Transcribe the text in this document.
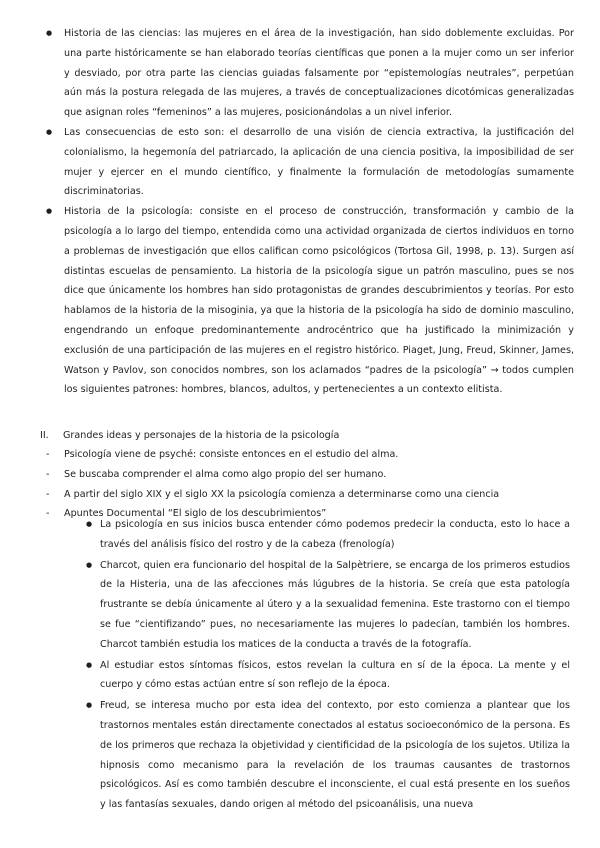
● Historia de las ciencias: las mujeres en el área de la investigación, han sido doblemente excluidas. Por una parte históricamente se han elaborado teorías científicas que ponen a la mujer como un ser inferior y desviado, por otra parte las ciencias guiadas falsamente por “epistemologías neutrales”, perpetúan aún más la postura relegada de las mujeres, a través de conceptualizaciones dicotómicas generalizadas que asignan roles “femeninos” a las mujeres, posicionándolas a un nivel inferior.
● Las consecuencias de esto son: el desarrollo de una visión de ciencia extractiva, la justificación del colonialismo, la hegemonía del patriarcado, la aplicación de una ciencia positiva, la imposibilidad de ser mujer y ejercer en el mundo científico, y finalmente la formulación de metodologías sumamente discriminatorias.
● Historia de la psicología: consiste en el proceso de construcción, transformación y cambio de la psicología a lo largo del tiempo, entendida como una actividad organizada de ciertos individuos en torno a problemas de investigación que ellos califican como psicológicos (Tortosa Gil, 1998, p. 13). Surgen así distintas escuelas de pensamiento. La historia de la psicología sigue un patrón masculino, pues se nos dice que únicamente los hombres han sido protagonistas de grandes descubrimientos y teorías. Por esto hablamos de la historia de la misoginia, ya que la historia de la psicología ha sido de dominio masculino, engendrando un enfoque predominantemente androcéntrico que ha justificado la minimización y exclusión de una participación de las mujeres en el registro histórico. Piaget, Jung, Freud, Skinner, James, Watson y Pavlov, son conocidos nombres, son los aclamados “padres de la psicología” → todos cumplen los siguientes patrones: hombres, blancos, adultos, y pertenecientes a un contexto elitista.
II. Grandes ideas y personajes de la historia de la psicología
- Psicología viene de psyché: consiste entonces en el estudio del alma.
- Se buscaba comprender el alma como algo propio del ser humano.
- A partir del siglo XIX y el siglo XX la psicología comienza a determinarse como una ciencia
- Apuntes Documental “El siglo de los descubrimientos”
● La psicología en sus inicios busca entender cómo podemos predecir la conducta, esto lo hace a través del análisis físico del rostro y de la cabeza (frenología)
● Charcot, quien era funcionario del hospital de la Salpètriere, se encarga de los primeros estudios de la Histeria, una de las afecciones más lúgubres de la historia. Se creía que esta patología frustrante se debía únicamente al útero y a la sexualidad femenina. Este trastorno con el tiempo se fue “cientifizando” pues, no necesariamente las mujeres lo padecían, también los hombres. Charcot también estudia los matices de la conducta a través de la fotografía.
● Al estudiar estos síntomas físicos, estos revelan la cultura en sí de la época. La mente y el cuerpo y cómo estas actúan entre sí son reflejo de la época.
● Freud, se interesa mucho por esta idea del contexto, por esto comienza a plantear que los trastornos mentales están directamente conectados al estatus socioeconómico de la persona. Es de los primeros que rechaza la objetividad y cientificidad de la psicología de los sujetos. Utiliza la hipnosis como mecanismo para la revelación de los traumas causantes de trastornos psicológicos. Así es como también descubre el inconsciente, el cual está presente en los sueños y las fantasías sexuales, dando origen al método del psicoanálisis, una nueva
